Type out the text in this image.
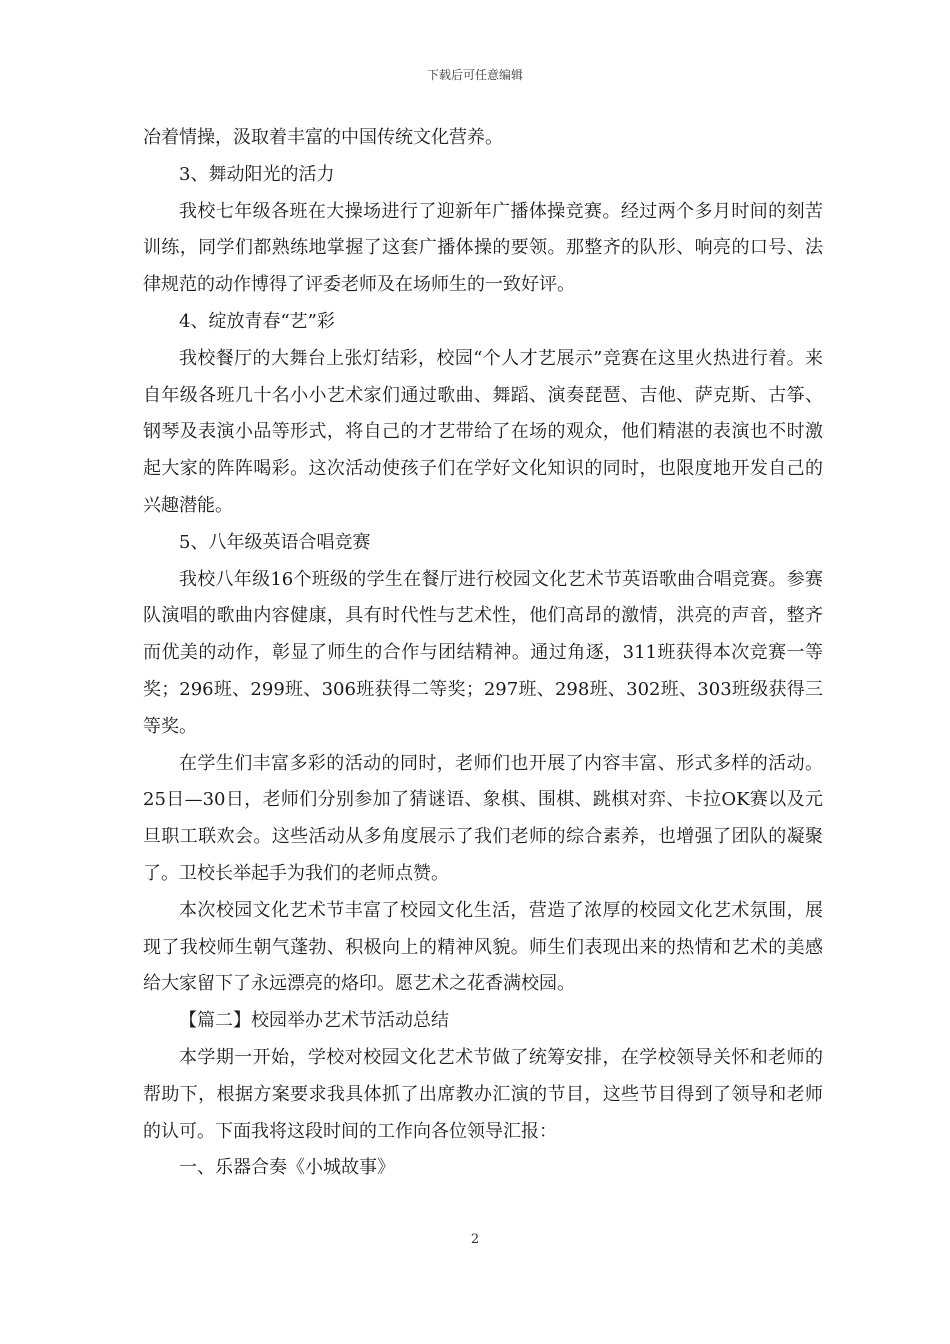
下载后可任意编辑

冶着情操，汲取着丰富的中国传统文化营养。

3、舞动阳光的活力

我校七年级各班在大操场进行了迎新年广播体操竞赛。经过两个多月时间的刻苦训练，同学们都熟练地掌握了这套广播体操的要领。那整齐的队形、响亮的口号、法律规范的动作博得了评委老师及在场师生的一致好评。

4、绽放青春“艺”彩

我校餐厅的大舞台上张灯结彩，校园“个人才艺展示”竞赛在这里火热进行着。来自年级各班几十名小小艺术家们通过歌曲、舞蹈、演奏琵琶、吉他、萨克斯、古筝、钢琴及表演小品等形式，将自己的才艺带给了在场的观众，他们精湛的表演也不时激起大家的阵阵喝彩。这次活动使孩子们在学好文化知识的同时，也限度地开发自己的兴趣潜能。

5、八年级英语合唱竞赛

我校八年级16个班级的学生在餐厅进行校园文化艺术节英语歌曲合唱竞赛。参赛队演唱的歌曲内容健康，具有时代性与艺术性，他们高昂的激情，洪亮的声音，整齐而优美的动作，彰显了师生的合作与团结精神。通过角逐，311班获得本次竞赛一等奖；296班、299班、306班获得二等奖；297班、298班、302班、303班级获得三等奖。

在学生们丰富多彩的活动的同时，老师们也开展了内容丰富、形式多样的活动。25日—30日，老师们分别参加了猜谜语、象棋、围棋、跳棋对弈、卡拉OK赛以及元旦职工联欢会。这些活动从多角度展示了我们老师的综合素养，也增强了团队的凝聚了。卫校长举起手为我们的老师点赞。

本次校园文化艺术节丰富了校园文化生活，营造了浓厚的校园文化艺术氛围，展现了我校师生朝气蓬勃、积极向上的精神风貌。师生们表现出来的热情和艺术的美感给大家留下了永远漂亮的烙印。愿艺术之花香满校园。

【篇二】校园举办艺术节活动总结

本学期一开始，学校对校园文化艺术节做了统筹安排，在学校领导关怀和老师的帮助下，根据方案要求我具体抓了出席教办汇演的节目，这些节目得到了领导和老师的认可。下面我将这段时间的工作向各位领导汇报：

一、乐器合奏《小城故事》

2
